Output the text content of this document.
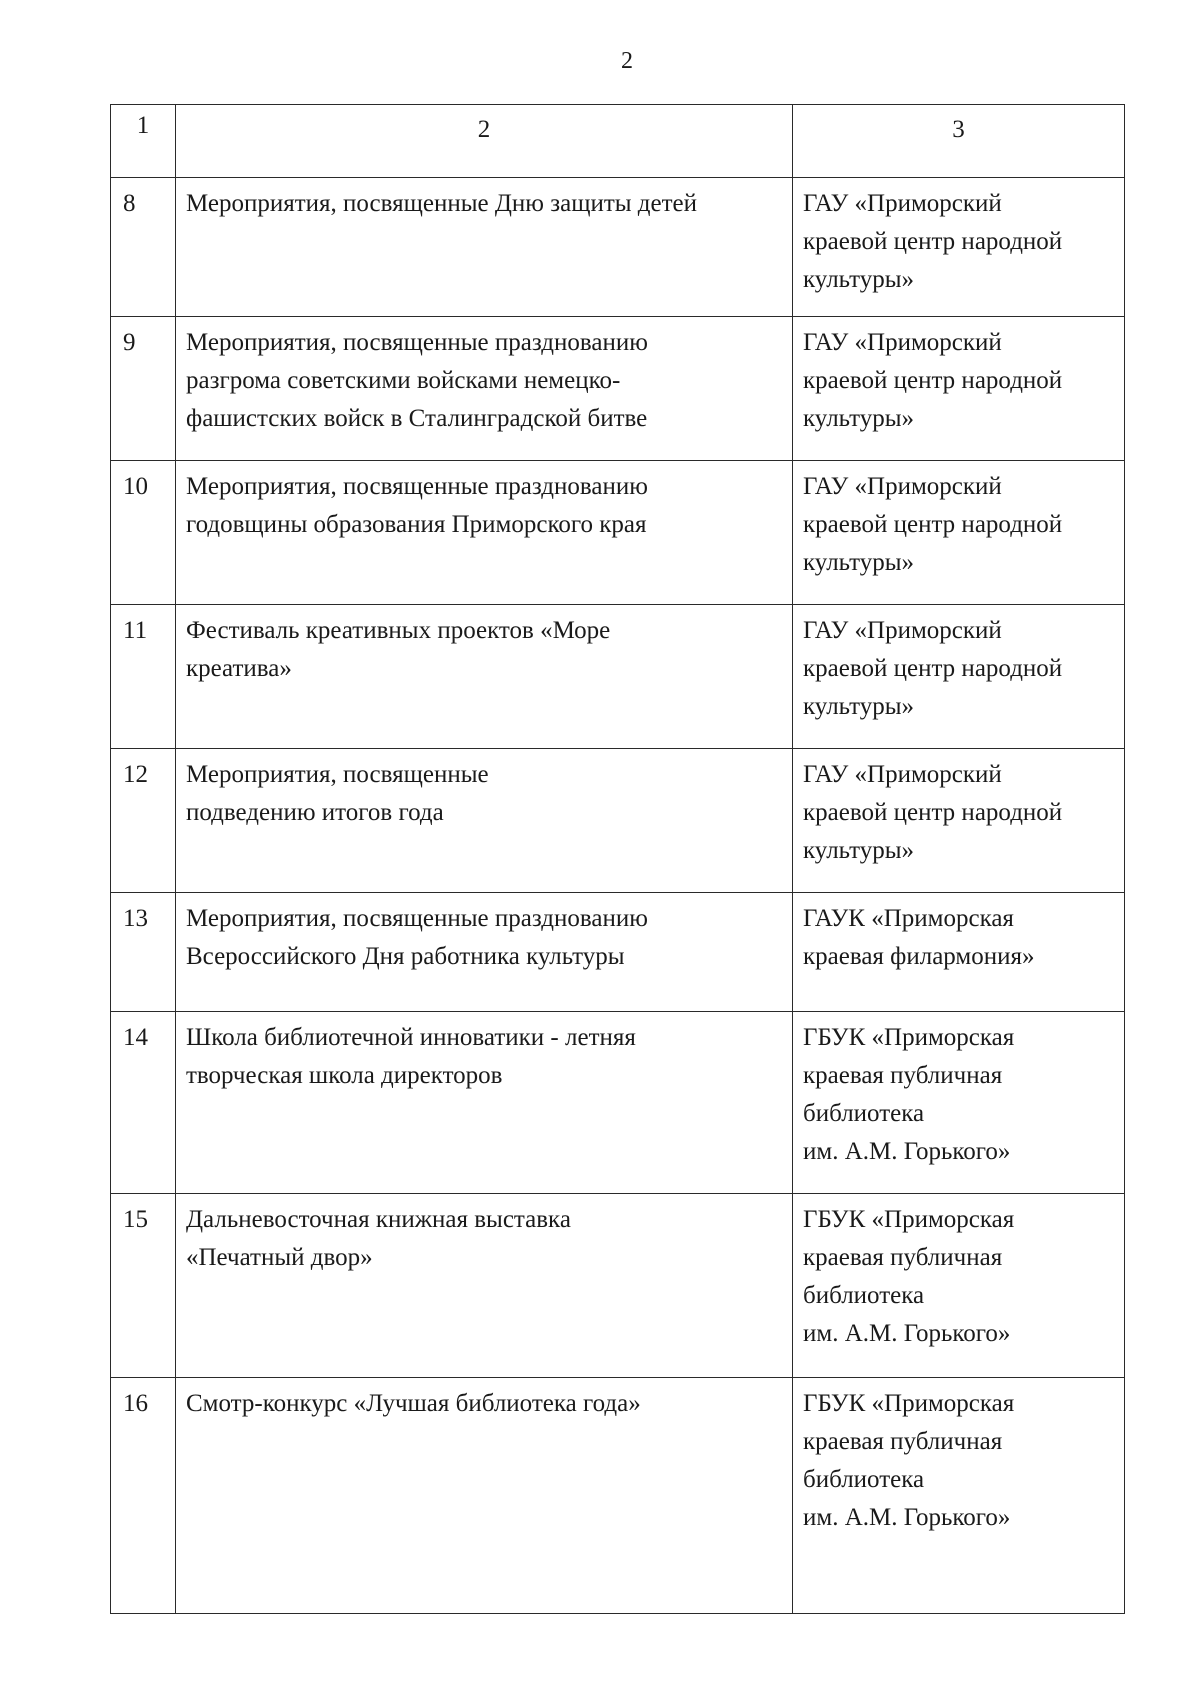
2
1	2	3

8	Мероприятия, посвященные Дню защиты детей	ГАУ «Приморский
краевой центр народной
культуры»

9	Мероприятия, посвященные празднованию
разгрома советскими войсками немецко-
фашистских войск в Сталинградской битве	ГАУ «Приморский
краевой центр народной
культуры»

10	Мероприятия, посвященные празднованию
годовщины образования Приморского края	ГАУ «Приморский
краевой центр народной
культуры»

11	Фестиваль креативных проектов «Море
креатива»	ГАУ «Приморский
краевой центр народной
культуры»

12	Мероприятия, посвященные
подведению итогов года	ГАУ «Приморский
краевой центр народной
культуры»

13	Мероприятия, посвященные празднованию
Всероссийского Дня работника культуры	ГАУК «Приморская
краевая филармония»

14	Школа библиотечной инноватики - летняя
творческая школа директоров	ГБУК «Приморская
краевая публичная
библиотека
им. А.М. Горького»

15	Дальневосточная книжная выставка
«Печатный двор»	ГБУК «Приморская
краевая публичная
библиотека
им. А.М. Горького»

16	Смотр-конкурс «Лучшая библиотека года»	ГБУК «Приморская
краевая публичная
библиотека
им. А.М. Горького»
